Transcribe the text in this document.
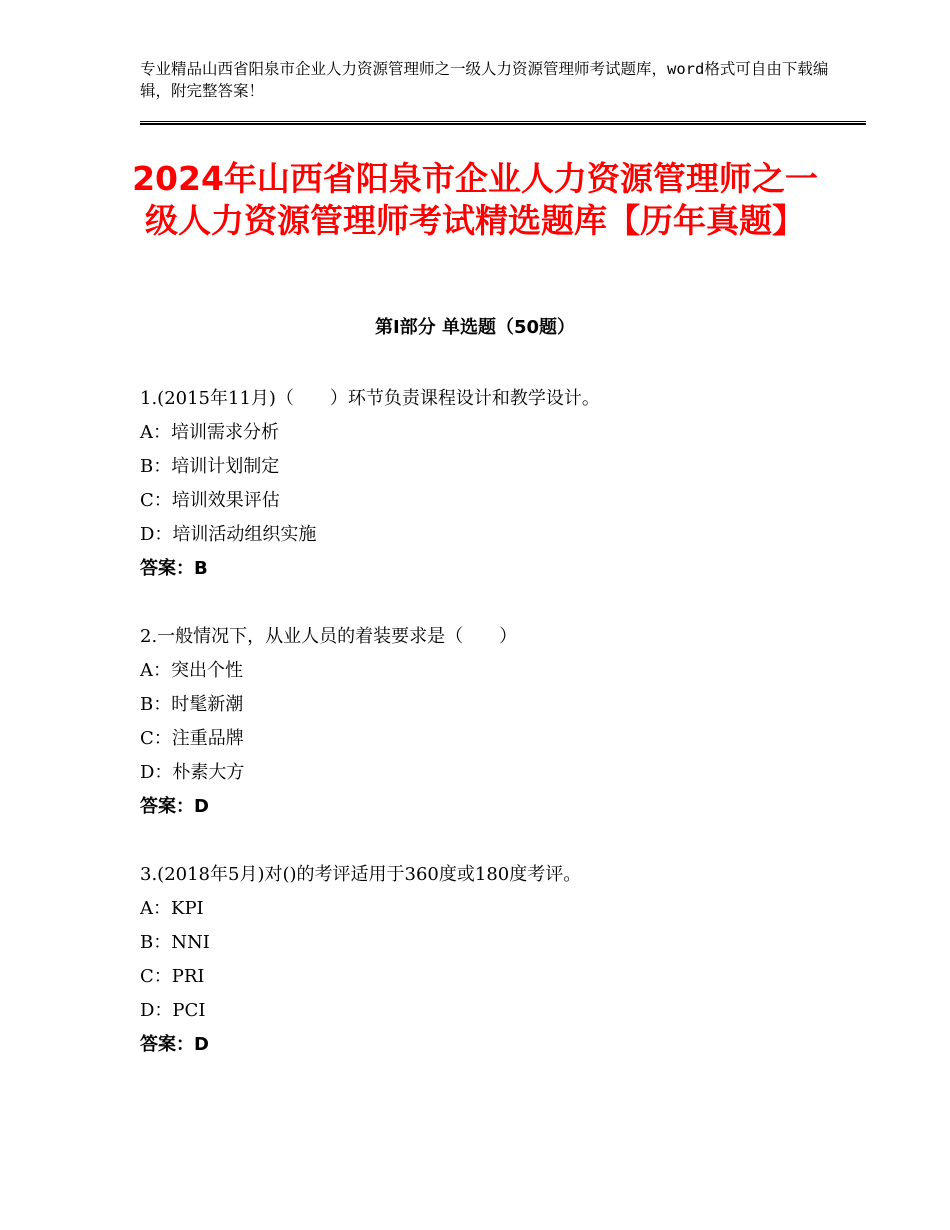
专业精品山西省阳泉市企业人力资源管理师之一级人力资源管理师考试题库，word格式可自由下载编辑，附完整答案！
2024年山西省阳泉市企业人力资源管理师之一级人力资源管理师考试精选题库【历年真题】
第Ⅰ部分 单选题（50题）
1.(2015年11月)（　　）环节负责课程设计和教学设计。
A：培训需求分析
B：培训计划制定
C：培训效果评估
D：培训活动组织实施
答案：B
2.一般情况下，从业人员的着装要求是（　　）
A：突出个性
B：时髦新潮
C：注重品牌
D：朴素大方
答案：D
3.(2018年5月)对()的考评适用于360度或180度考评。
A：KPI
B：NNI
C：PRI
D：PCI
答案：D
